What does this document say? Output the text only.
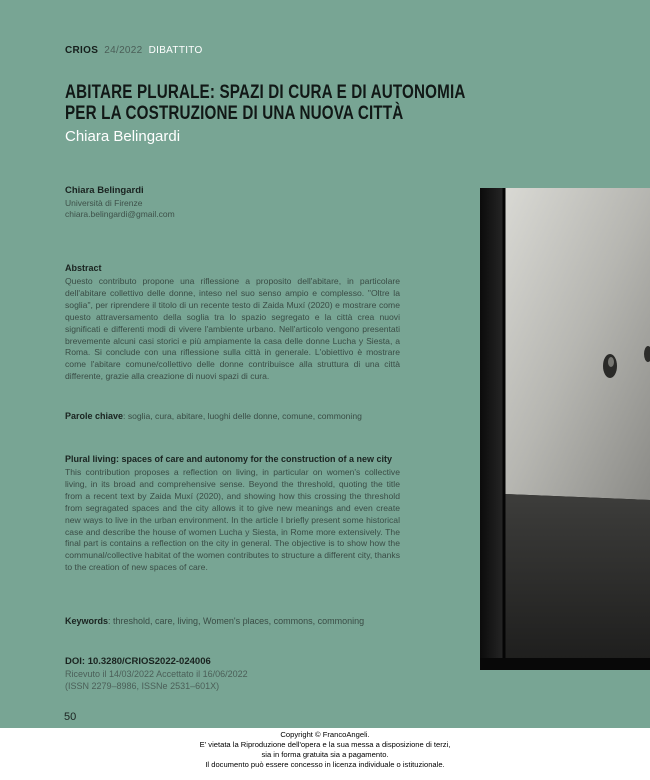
CRIOS 24/2022 DIBATTITO
ABITARE PLURALE: SPAZI DI CURA E DI AUTONOMIA
PER LA COSTRUZIONE DI UNA NUOVA CITTÀ
Chiara Belingardi
Chiara Belingardi
Università di Firenze
chiara.belingardi@gmail.com
Abstract
Questo contributo propone una riflessione a proposito dell'abitare, in particolare dell'abitare collettivo delle donne, inteso nel suo senso ampio e complesso. "Oltre la soglia", per riprendere il titolo di un recente testo di Zaida Muxí (2020) e mostrare come questo attraversamento della soglia tra lo spazio segregato e la città crea nuovi significati e differenti modi di vivere l'ambiente urbano. Nell'articolo vengono presentati brevemente alcuni casi storici e più ampiamente la casa delle donne Lucha y Siesta, a Roma. Si conclude con una riflessione sulla città in generale. L'obiettivo è mostrare come l'abitare comune/collettivo delle donne contribuisce alla struttura di una città differente, grazie alla creazione di nuovi spazi di cura.
Parole chiave: soglia, cura, abitare, luoghi delle donne, comune, commoning
Plural living: spaces of care and autonomy for the construction of a new city
This contribution proposes a reflection on living, in particular on women's collective living, in its broad and comprehensive sense. Beyond the threshold, quoting the title from a recent text by Zaida Muxí (2020), and showing how this crossing the threshold from segragated spaces and the city allows it to give new meanings and even create new ways to live in the urban environment. In the article I briefly present some historical case and describe the house of women Lucha y Siesta, in Rome more extensively. The final part is contains a reflection on the city in general. The objective is to show how the communal/collective habitat of the women contributes to structure a different city, thanks to the creation of new spaces of care.
Keywords: threshold, care, living, Women's places, commons, commoning
DOI: 10.3280/CRIOS2022-024006
Ricevuto il 14/03/2022 Accettato il 16/06/2022
(ISSN 2279–8986, ISSNe 2531–601X)
50
Copyright © FrancoAngeli.
E' vietata la Riproduzione dell'opera e la sua messa a disposizione di terzi,
sia in forma gratuita sia a pagamento.
Il documento può essere concesso in licenza individuale o istituzionale.
